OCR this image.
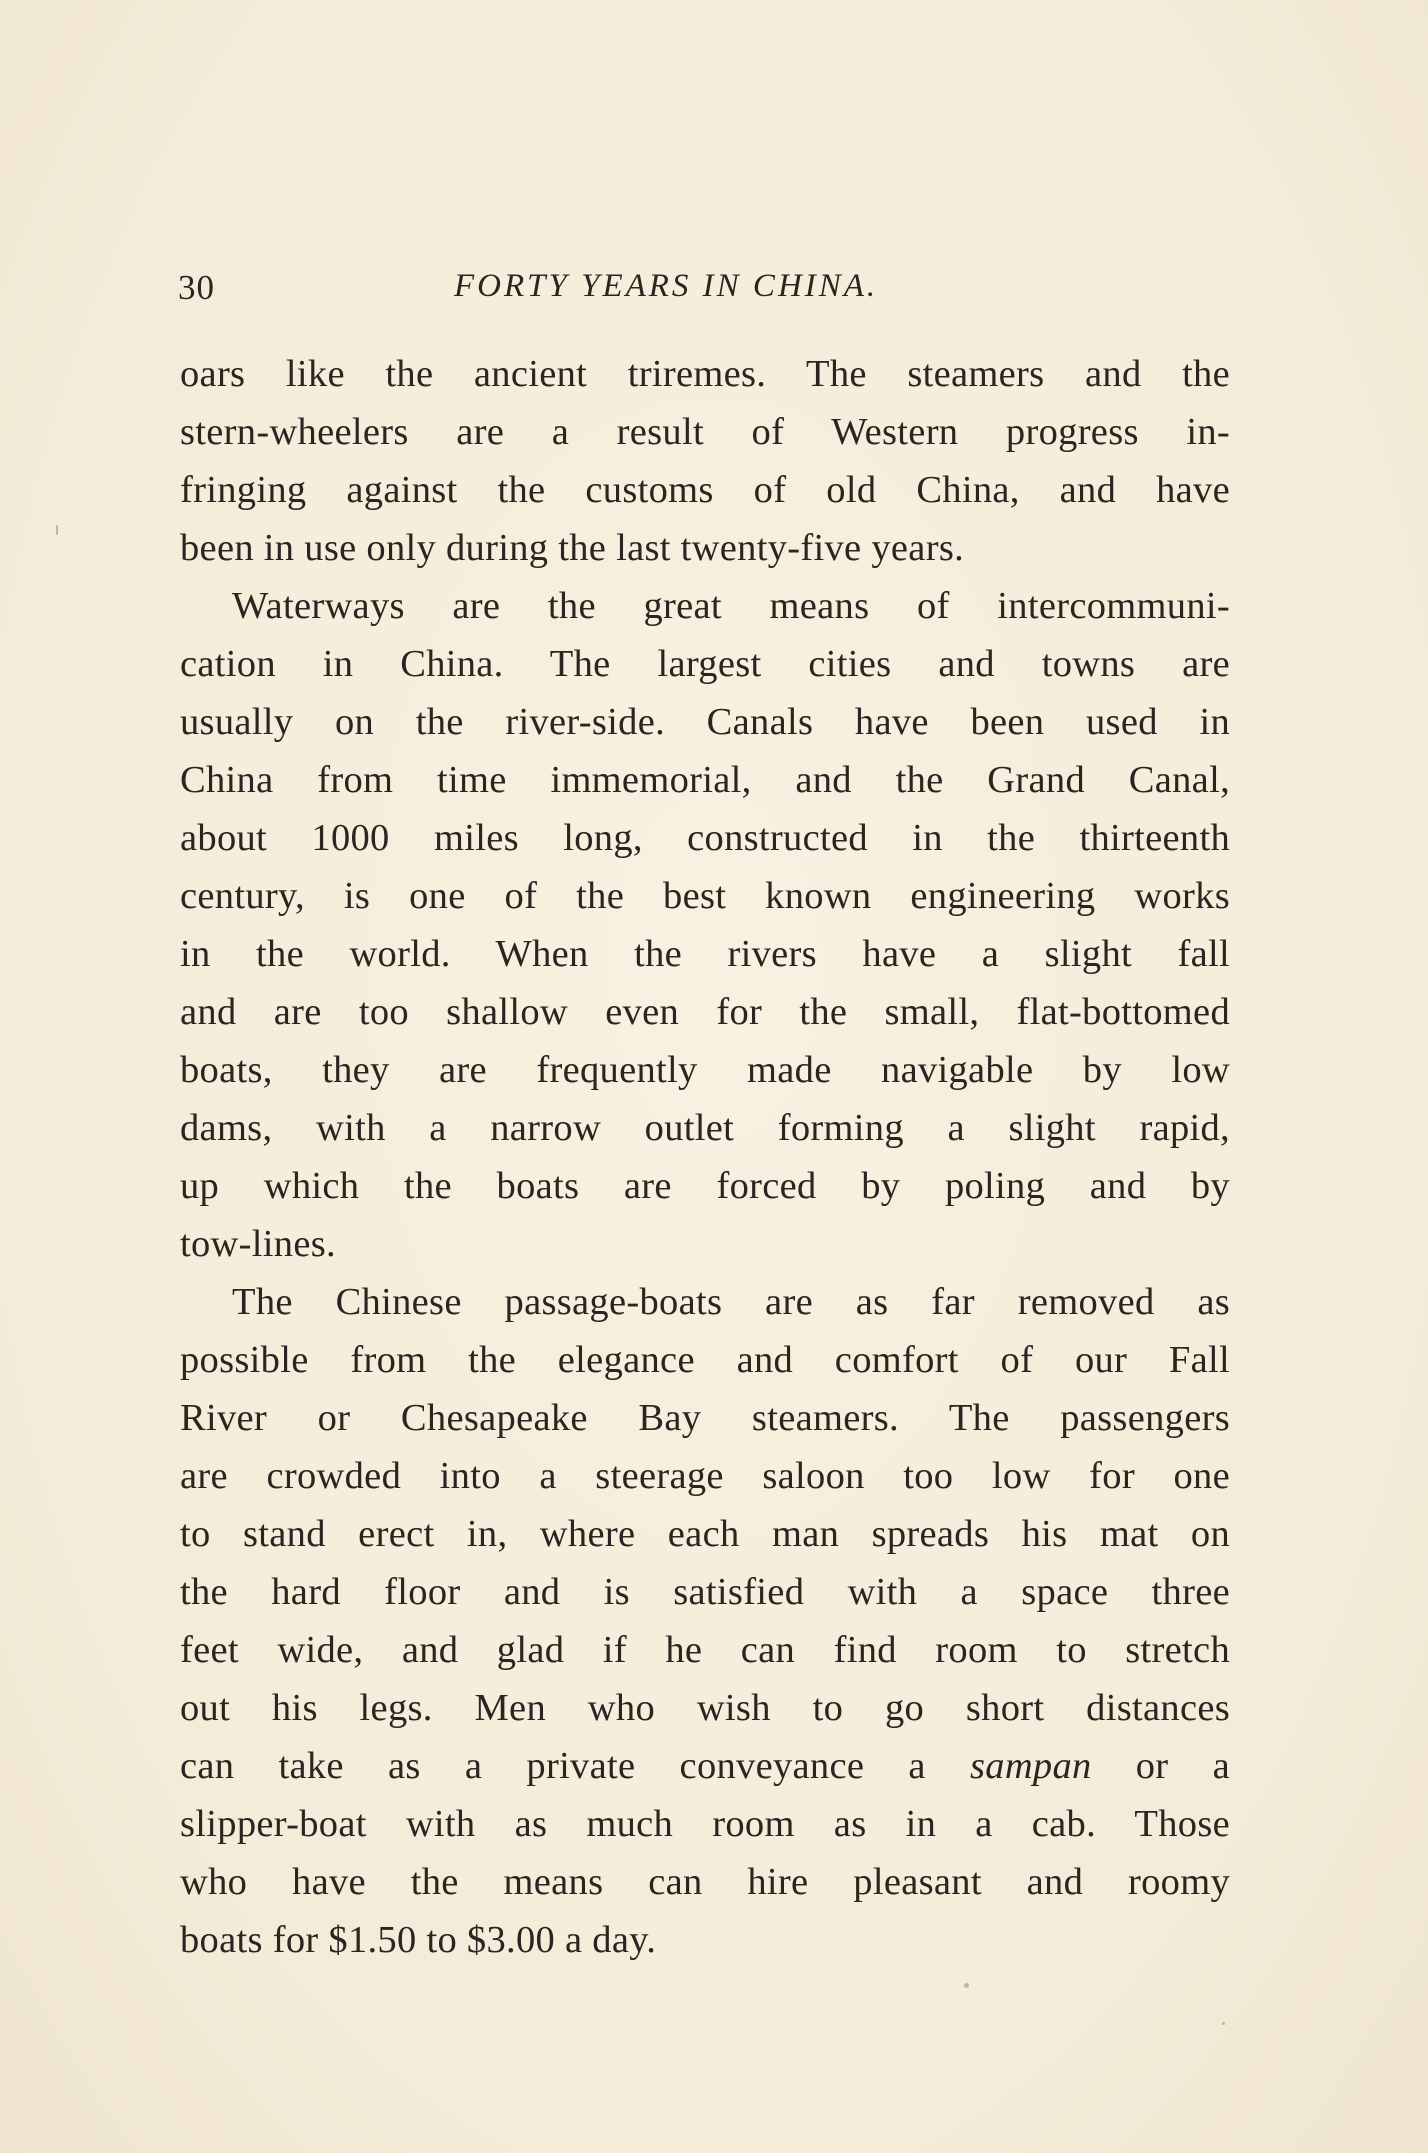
30	FORTY YEARS IN CHINA.
oars like the ancient triremes. The steamers and the
stern-wheelers are a result of Western progress in-
fringing against the customs of old China, and have
been in use only during the last twenty-five years.
Waterways are the great means of intercommuni-
cation in China. The largest cities and towns are
usually on the river-side. Canals have been used in
China from time immemorial, and the Grand Canal,
about 1000 miles long, constructed in the thirteenth
century, is one of the best known engineering works
in the world. When the rivers have a slight fall
and are too shallow even for the small, flat-bottomed
boats, they are frequently made navigable by low
dams, with a narrow outlet forming a slight rapid,
up which the boats are forced by poling and by
tow-lines.
The Chinese passage-boats are as far removed as
possible from the elegance and comfort of our Fall
River or Chesapeake Bay steamers. The passengers
are crowded into a steerage saloon too low for one
to stand erect in, where each man spreads his mat on
the hard floor and is satisfied with a space three
feet wide, and glad if he can find room to stretch
out his legs. Men who wish to go short distances
can take as a private conveyance a sampan or a
slipper-boat with as much room as in a cab. Those
who have the means can hire pleasant and roomy
boats for $1.50 to $3.00 a day.
